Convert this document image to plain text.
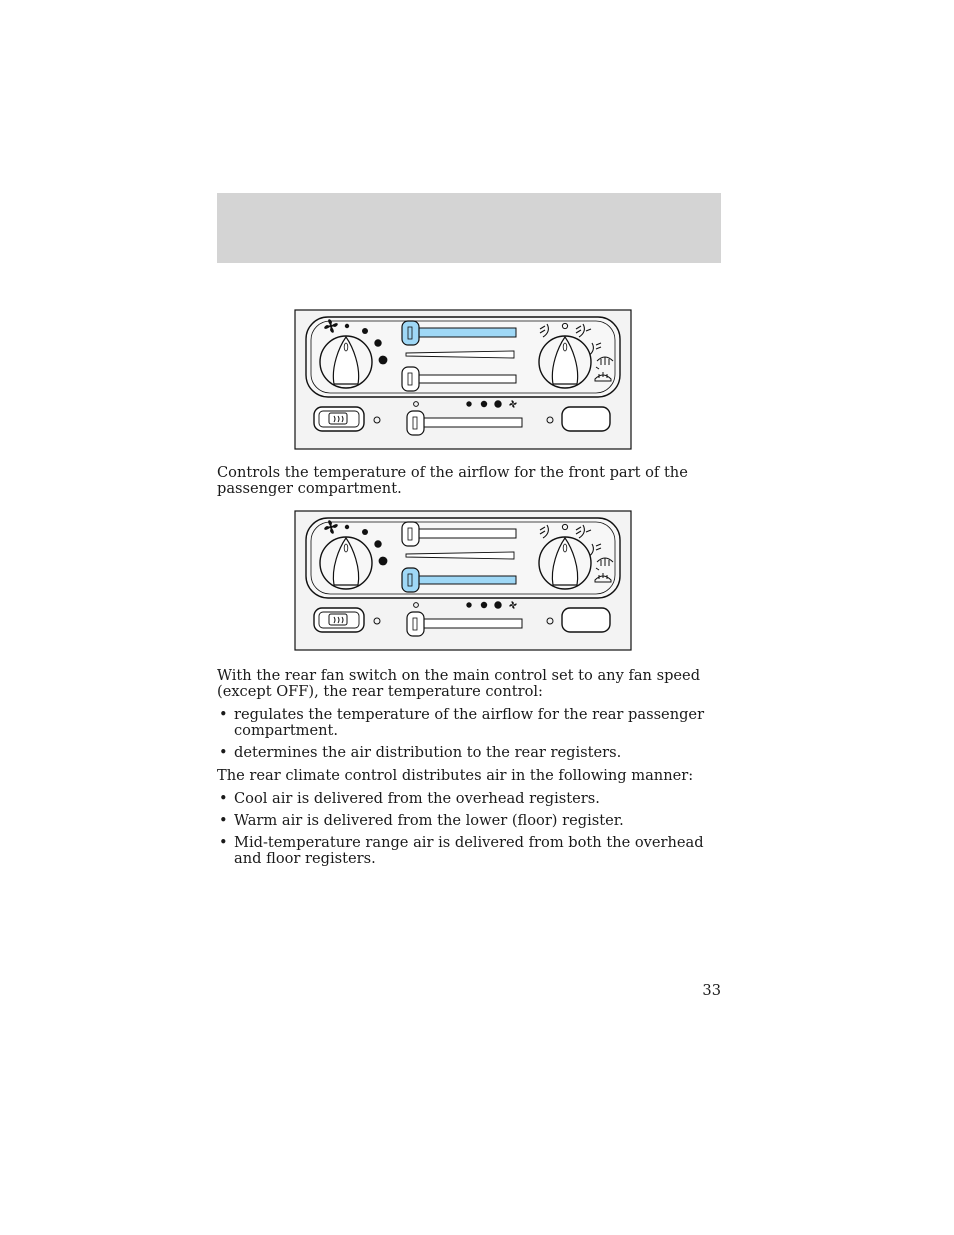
Controls the temperature of the airflow for the front part of the passenger compartment.

With the rear fan switch on the main control set to any fan speed (except OFF), the rear temperature control:

• regulates the temperature of the airflow for the rear passenger compartment.
• determines the air distribution to the rear registers.

The rear climate control distributes air in the following manner:

• Cool air is delivered from the overhead registers.
• Warm air is delivered from the lower (floor) register.
• Mid-temperature range air is delivered from both the overhead and floor registers.
33
